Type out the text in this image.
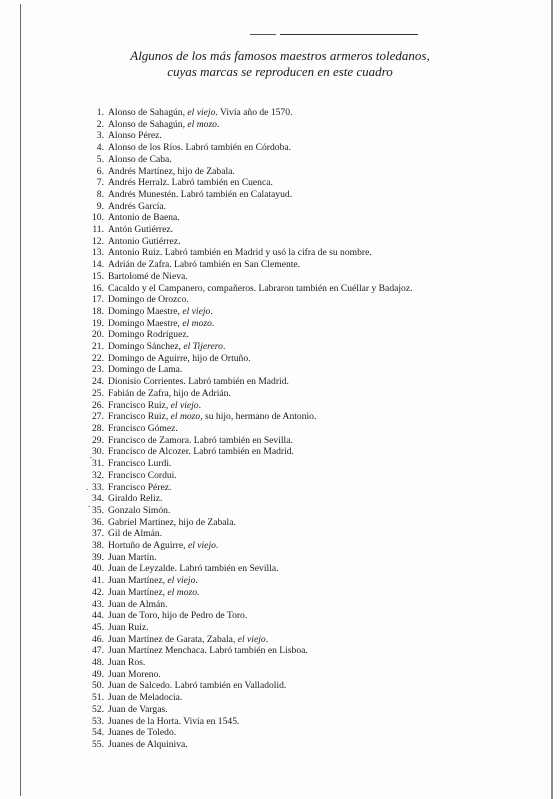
Algunos de los más famosos maestros armeros toledanos,
cuyas marcas se reproducen en este cuadro
1. Alonso de Sahagún, el viejo. Vivía año de 1570.
2. Alonso de Sahagún, el mozo.
3. Alonso Pérez.
4. Alonso de los Ríos. Labró también en Córdoba.
5. Alonso de Caba.
6. Andrés Martínez, hijo de Zabala.
7. Andrés Herralz. Labró también en Cuenca.
8. Andrés Munestén. Labró también en Calatayud.
9. Andrés García.
10. Antonio de Baena.
11. Antón Gutiérrez.
12. Antonio Gutiérrez.
13. Antonio Ruiz. Labró también en Madrid y usó la cifra de su nombre.
14. Adrián de Zafra. Labró también en San Clemente.
15. Bartolomé de Nieva.
16. Cacaldo y el Campanero, compañeros. Labraron también en Cuéllar y Badajoz.
17. Domingo de Orozco.
18. Domingo Maestre, el viejo.
19. Domingo Maestre, el mozo.
20. Domingo Rodríguez.
21. Domingo Sánchez, el Tijerero.
22. Domingo de Aguirre, hijo de Ortuño.
23. Domingo de Lama.
24. Dionisio Corrientes. Labró también en Madrid.
25. Fabián de Zafra, hijo de Adrián.
26. Francisco Ruiz, el viejo.
27. Francisco Ruiz, el mozo, su hijo, hermano de Antonio.
28. Francisco Gómez.
29. Francisco de Zamora. Labró también en Sevilla.
30. Francisco de Alcozer. Labró también en Madrid.
31. Francisco Lurdi.
32. Francisco Cordui.
33. Francisco Pérez.
34. Giraldo Reliz.
35. Gonzalo Simón.
36. Gabriel Martínez, hijo de Zabala.
37. Gil de Almán.
38. Hortuño de Aguirre, el viejo.
39. Juan Martín.
40. Juan de Leyzalde. Labró también en Sevilla.
41. Juan Martínez, el viejo.
42. Juan Martínez, el mozo.
43. Juan de Almán.
44. Juan de Toro, hijo de Pedro de Toro.
45. Juan Ruiz.
46. Juan Martínez de Garata, Zabala, el viejo.
47. Juan Martínez Menchaca. Labró también en Lisboa.
48. Juan Ros.
49. Juan Moreno.
50. Juan de Salcedo. Labró también en Valladolid.
51. Juan de Meladocia.
52. Juan de Vargas.
53. Juanes de la Horta. Vivía en 1545.
54. Juanes de Toledo.
55. Juanes de Alquiniva.
